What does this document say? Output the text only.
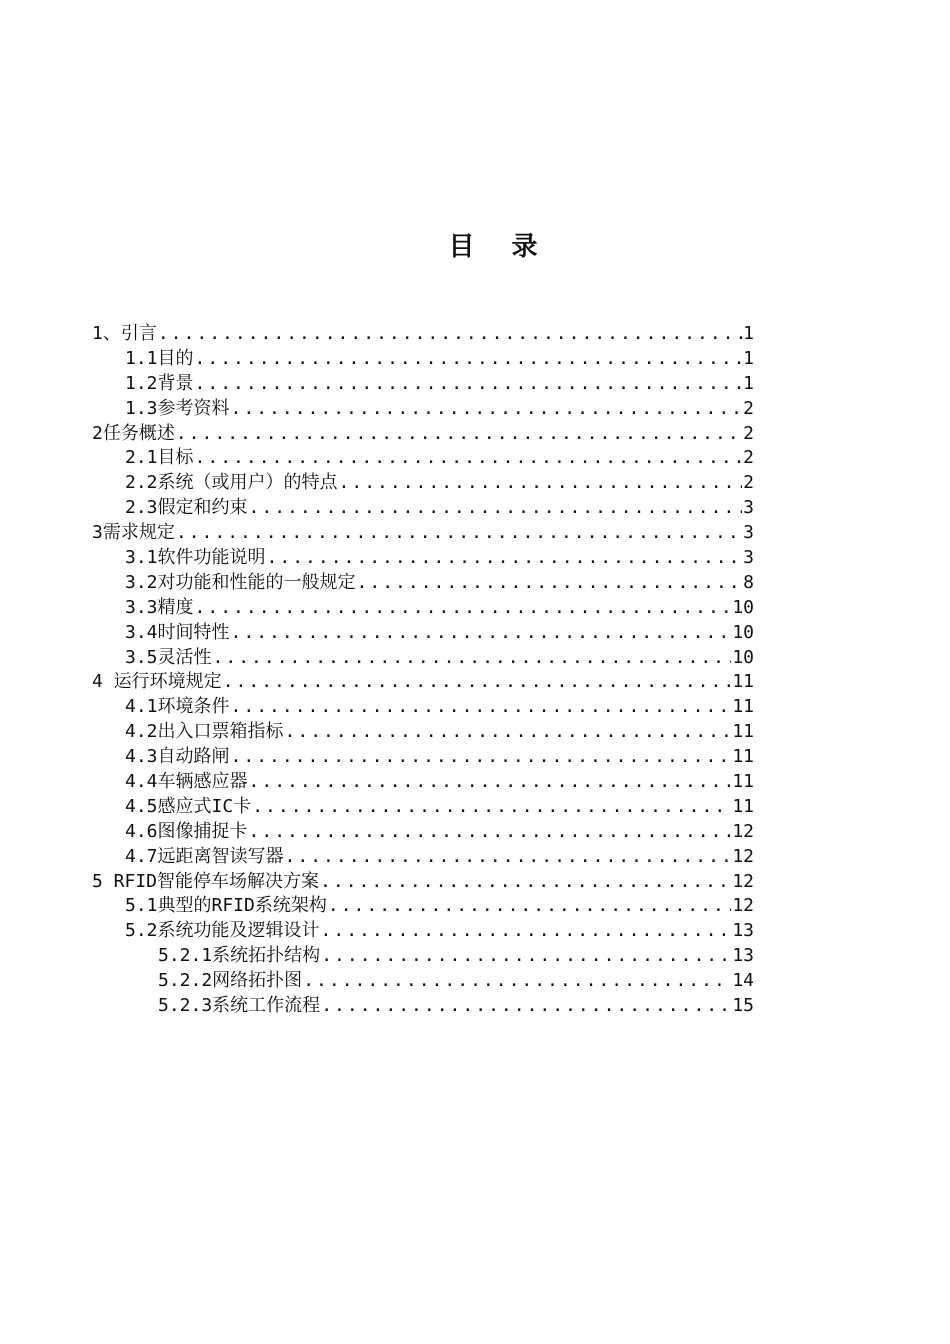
目 录
1、引言 .....	1
1.1目的 .....	1
1.2背景 .....	1
1.3参考资料 .....	2
2任务概述 .....	2
2.1目标 .....	2
2.2系统（或用户）的特点 .....	2
2.3假定和约束 .....	3
3需求规定 .....	3
3.1软件功能说明 .....	3
3.2对功能和性能的一般规定 .....	8
3.3精度 .....	10
3.4时间特性 .....	10
3.5灵活性 .....	10
4 运行环境规定 .....	11
4.1环境条件 .....	11
4.2出入口票箱指标 .....	11
4.3自动路闸 .....	11
4.4车辆感应器 .....	11
4.5感应式IC卡 .....	11
4.6图像捕捉卡 .....	12
4.7远距离智读写器 .....	12
5 RFID智能停车场解决方案 .....	12
5.1典型的RFID系统架构 .....	12
5.2系统功能及逻辑设计 .....	13
5.2.1系统拓扑结构 .....	13
5.2.2网络拓扑图 .....	14
5.2.3系统工作流程 .....	15
